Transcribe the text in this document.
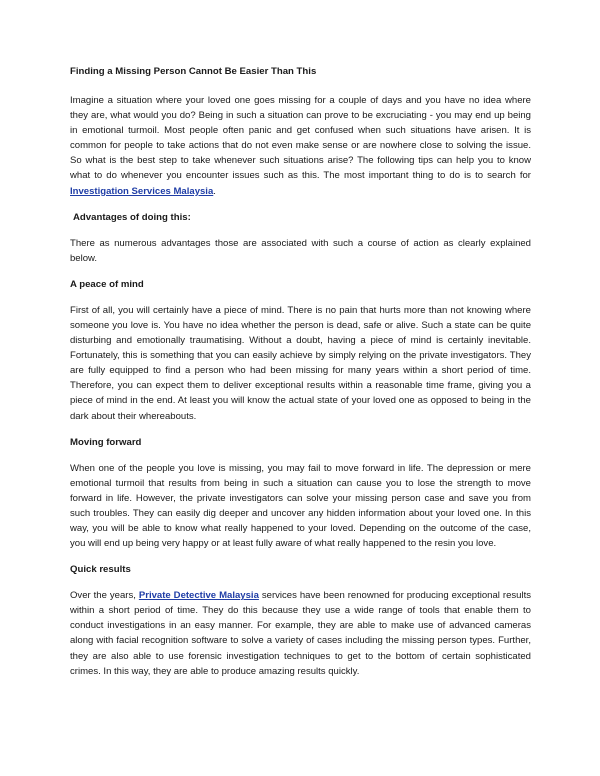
Finding a Missing Person Cannot Be Easier Than This

Imagine a situation where your loved one goes missing for a couple of days and you have no idea where they are, what would you do? Being in such a situation can prove to be excruciating - you may end up being in emotional turmoil. Most people often panic and get confused when such situations have arisen. It is common for people to take actions that do not even make sense or are nowhere close to solving the issue. So what is the best step to take whenever such situations arise? The following tips can help you to know what to do whenever you encounter issues such as this. The most important thing to do is to search for Investigation Services Malaysia.

Advantages of doing this:

There as numerous advantages those are associated with such a course of action as clearly explained below.

A peace of mind

First of all, you will certainly have a piece of mind. There is no pain that hurts more than not knowing where someone you love is. You have no idea whether the person is dead, safe or alive. Such a state can be quite disturbing and emotionally traumatising. Without a doubt, having a piece of mind is certainly inevitable. Fortunately, this is something that you can easily achieve by simply relying on the private investigators. They are fully equipped to find a person who had been missing for many years within a short period of time. Therefore, you can expect them to deliver exceptional results within a reasonable time frame, giving you a piece of mind in the end. At least you will know the actual state of your loved one as opposed to being in the dark about their whereabouts.

Moving forward

When one of the people you love is missing, you may fail to move forward in life. The depression or mere emotional turmoil that results from being in such a situation can cause you to lose the strength to move forward in life. However, the private investigators can solve your missing person case and save you from such troubles. They can easily dig deeper and uncover any hidden information about your loved one. In this way, you will be able to know what really happened to your loved. Depending on the outcome of the case, you will end up being very happy or at least fully aware of what really happened to the resin you love.

Quick results

Over the years, Private Detective Malaysia services have been renowned for producing exceptional results within a short period of time. They do this because they use a wide range of tools that enable them to conduct investigations in an easy manner. For example, they are able to make use of advanced cameras along with facial recognition software to solve a variety of cases including the missing person types. Further, they are also able to use forensic investigation techniques to get to the bottom of certain sophisticated crimes. In this way, they are able to produce amazing results quickly.
